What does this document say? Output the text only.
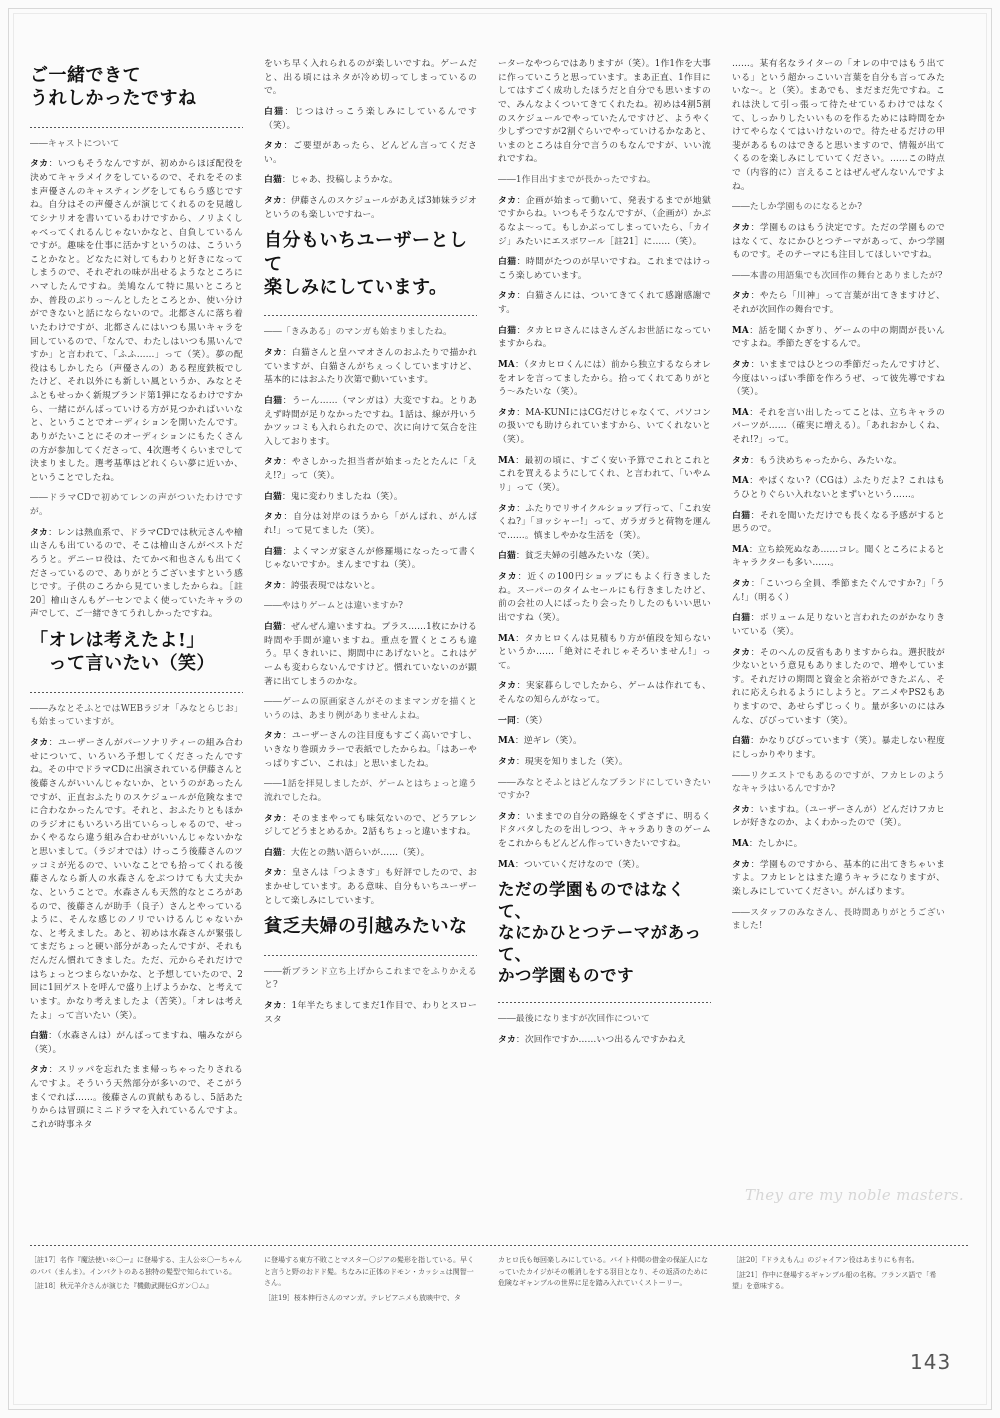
ご一緒できて
うれしかったですね

――キャストについて

タカ：いつもそうなんですが、初めからほぼ配役を決めてキャラメイクをしているので、それをそのまま声優さんのキャスティングをしてもらう感じですね。自分はその声優さんが演じてくれるのを見越してシナリオを書いているわけですから、ノリよくしゃべってくれるんじゃないかなと、自負しているんですが。趣味を仕事に活かすというのは、こういうことかなと。どなたに対してもわりと好きになってしまうので、それぞれの味が出せるようなところにハマしたんですね。美鳩なんて特に黒いところとか、普段のぶりっ～んとしたところとか、使い分けができないと話にならないので。北都さんに落ち着いたわけですが、北都さんにはいつも黒いキャラを回しているので、「なんで、わたしはいつも黒いんですか」と言われて、「ふふ……」って（笑）。夢の配役はもしかしたら（声優さんの）ある程度鉄板でしたけど、それ以外にも新しい風というか、みなとそふともせっかく新規ブランド第1弾になるわけですから、一緒にがんばっていける方が見つかればいいなと、ということでオーディションを開いたんです。ありがたいことにそのオーディションにもたくさんの方が参加してくださって、4次選考くらいまでして決まりました。選考基準はどれくらい夢に近いか、ということでしたね。

――ドラマCDで初めてレンの声がついたわけですが。

タカ：レンは熱血系で、ドラマCDでは秋元さんや檜山さんも出ているので、そこは檜山さんがベストだろうと。デニーロ役は、たてかべ和也さんも出てくださっているので、ありがとうございますという感じです。子供のころから見ていましたからね。［註20］檜山さんもゲーセンでよく使っていたキャラの声でして、ご一緒できてうれしかったですね。

「オレは考えたよ!」
　って言いたい（笑）

――みなとそふとではWEBラジオ「みなとらじお」も始まっていますが。

タカ：ユーザーさんがパーソナリティーの組み合わせについて、いろいろ予想してくださったんですね。その中でドラマCDに出演されている伊藤さんと後藤さんがいいんじゃないか、というのがあったんですが、正直おふたりのスケジュールが危険なまでに合わなかったんです。それと、おふたりともほかのラジオにもいろいろ出ていらっしゃるので、せっかくやるなら違う組み合わせがいいんじゃないかなと思いまして。（ラジオでは）けっこう後藤さんのツッコミが光るので、いいなことでも拾ってくれる後藤さんなら新人の水森さんをぶつけても大丈夫かな、ということで。水森さんも天然的なところがあるので、後藤さんが助手（良子）さんとやっているように、そんな感じのノリでいけるんじゃないかな、と考えました。あと、初めは水森さんが緊張してまだちょっと硬い部分があったんですが、それもだんだん慣れてきました。ただ、元からそれだけではちょっとつまらないかな、と予想していたので、2回に1回ゲストを呼んで盛り上げようかな、と考えています。かなり考えましたよ（苦笑）。「オレは考えたよ」って言いたい（笑）。

白猫：（水森さんは）がんばってますね、噛みながら（笑）。

タカ：スリッパを忘れたまま帰っちゃったりされるんですよ。そういう天然部分が多いので、そこがうまくでれば……。後藤さんの貢献もあるし、5話あたりからは冒頭にミニドラマを入れているんですよ。これが時事ネタ

をいち早く入れられるのが楽しいですね。ゲームだと、出る頃にはネタが冷め切ってしまっているので。

白猫：じつはけっこう楽しみにしているんです（笑）。

タカ：ご要望があったら、どんどん言ってください。

白猫：じゃあ、投稿しようかな。

タカ：伊藤さんのスケジュールがあえば3姉妹ラジオというのも楽しいですねー。

自分もいちユーザーとして
楽しみにしています。

――「きみある」のマンガも始まりましたね。

タカ：白猫さんと皇ハマオさんのおふたりで描かれていますが、白猫さんがちぇっくしていますけど、基本的にはおふたり次第で動いています。

白猫：うーん……（マンガは）大変ですね。とりあえず時間が足りなかったですね。1話は、線が丹いうかツッコミも入れられたので、次に向けて気合を注入しております。

タカ：やさしかった担当者が始まったとたんに「ええ!?」って（笑）。

白猫：鬼に変わりましたね（笑）。

タカ：自分は対岸のほうから「がんばれ、がんばれ!」って見てました（笑）。

白猫：よくマンガ家さんが修羅場になったって書くじゃないですか。まんまですね（笑）。

タカ：誇張表現ではないと。

――やはりゲームとは違いますか?

白猫：ぜんぜん違いますね。プラス……1枚にかける時間や手間が違いますね。重点を置くところも違う。早くきれいに、期間中にあげないと。これはゲームも変わらないんですけど。慣れていないのが顕著に出てしまうのかな。

――ゲームの原画家さんがそのままマンガを描くというのは、あまり例がありませんよね。

タカ：ユーザーさんの注目度もすごく高いですし、いきなり巻頭カラーで表紙でしたからね。「はあーやっぱりすごい、これは」と思いましたね。

――1話を拝見しましたが、ゲームとはちょっと違う流れでしたね。

タカ：そのままやっても味気ないので、どうアレンジしてどうまとめるか。2話もちょっと違いますね。

白猫：大佐との熱い語らいが……（笑）。

タカ：皇さんは「つよきす」も好評でしたので、おまかせしています。ある意味、自分もいちユーザーとして楽しみにしています。

貧乏夫婦の引越みたいな

――新ブランド立ち上げからこれまでをふりかえると?

タカ：1年半たちましてまだ1作目で、わりとスロースタ

ーターなやつらではありますが（笑）。1作1作を大事に作っていこうと思っています。まあ正直、1作目にしてはすごく成功したほうだと自分でも思いますので、みんなよくついてきてくれたね。初めは4割5割のスケジュールでやっていたんですけど、ようやく少しずつですが2割ぐらいでやっていけるかなあと、いまのところは自分で言うのもなんですが、いい流れですね。

――1作目出すまでが長かったですね。

タカ：企画が始まって動いて、発表するまでが地獄ですからね。いつもそうなんですが、（企画が）かぶるなよ～って。もしかぶってしまっていたら、「カイジ」みたいにエスポワール［註21］に……（笑）。

白猫：時間がたつのが早いですね。これまではけっこう楽しめています。

タカ：白猫さんには、ついてきてくれて感謝感謝です。

白猫：タカヒロさんにはさんざんお世話になっていますからね。

MA：（タカヒロくんには）前から独立するならオレをオレを言ってましたから。拾ってくれてありがとう～みたいな（笑）。

タカ：MA-KUNIにはCGだけじゃなくて、パソコンの扱いでも助けられていますから、いてくれないと（笑）。

MA：最初の頃に、すごく安い予算でこれとこれとこれを買えるようにしてくれ、と言われて、「いやムリ」って（笑）。

タカ：ふたりでリサイクルショップ行って、「これ安くね?」「ヨッシャー!」って、ガラガラと荷物を運んで……。慎ましやかな生活を（笑）。

白猫：貧乏夫婦の引越みたいな（笑）。

タカ：近くの100円ショップにもよく行きましたね。スーパーのタイムセールにも行きましたけど、前の会社の人にばったり会ったりしたのもいい思い出ですね（笑）。

MA：タカヒロくんは見積もり方が値段を知らないというか……「絶対にそれじゃそろいません!」って。

タカ：実家暮らしでしたから、ゲームは作れても、そんなの知らんがなって。

一同：（笑）

MA：逆ギレ（笑）。

タカ：現実を知りました（笑）。

――みなとそふとはどんなブランドにしていきたいですか?

タカ：いままでの自分の路線をくずさずに、明るくドタバタしたのを出しつつ、キャラありきのゲームをこれからもどんどん作っていきたいですね。

MA：ついていくだけなので（笑）。

ただの学園ものではなくて、
なにかひとつテーマがあって、
かつ学園ものです

――最後になりますが次回作について

タカ：次回作ですか……いつ出るんですかねえ

……。某有名なライターの「オレの中ではもう出ている」という超かっこいい言葉を自分も言ってみたいな～。と（笑）。まあでも、まだまだ先ですね。これは決して引っ張って待たせているわけではなくて、しっかりしたいいものを作るためには時間をかけてやらなくてはいけないので。待たせるだけの甲斐があるものはできると思いますので、情報が出てくるのを楽しみにしていてください。……この時点で（内容的に）言えることはぜんぜんないんですよね。

――たしか学園ものになるとか?

タカ：学園ものはもう決定です。ただの学園ものではなくて、なにかひとつテーマがあって、かつ学園ものです。そのテーマにも注目してほしいですね。

――本書の用語集でも次回作の舞台とありましたが?

タカ：やたら「川神」って言葉が出てきますけど、それが次回作の舞台です。

MA：話を聞くかぎり、ゲームの中の期間が長いんですよね。季節たぎをするんで。

タカ：いままではひとつの季節だったんですけど、今度はいっぱい季節を作ろうぜ、って彼先導ですね（笑）。

MA：それを言い出したってことは、立ちキャラのパーツが……（確実に増える）。「あれおかしくね、それ!?」って。

タカ：もう決めちゃったから、みたいな。

MA：やばくない?（CGは）ふたりだよ? これはもうひとりぐらい入れないとまずいという……。

白猫：それを聞いただけでも長くなる予感がすると思うので。

MA：立ち絵死ぬなあ……コレ。聞くところによるとキャラクターも多い……。

タカ：「こいつら全員、季節またぐんですか?」「うん!」（明るく）

白猫：ボリューム足りないと言われたのがかなりきいている（笑）。

タカ：そのへんの反省もありますからね。選択肢が少ないという意見もありましたので、増やしています。それだけの期間と資金と余裕ができたぶん、それに応えられるようにしようと。アニメやPS2もありますので、あせらずじっくり。量が多いのにはみんな、びびっています（笑）。

白猫：かなりびびっています（笑）。暴走しない程度にしっかりやります。

――リクエストでもあるのですが、フカヒレのようなキャラはいるんですか?

タカ：いますね。（ユーザーさんが）どんだけフカヒレが好きなのか、よくわかったので（笑）。

MA：たしかに。

タカ：学園ものですから、基本的に出てきちゃいますよ。フカヒレとはまた違うキャラになりますが、楽しみにしていてください。がんばります。

――スタッフのみなさん、長時間ありがとうございました!

［註17］名作『魔法使い※〇ー』に登場する、主人公※〇ーちゃんのパパ（まんま）。インパクトのある独特の髪型で知られている。

［註18］秋元羊介さんが演じた『機動武闘伝Gガン〇ム』

に登場する東方不敗ことマスター〇ジアの髪形を指している。早くと言うと野のおドド髪。ちなみに正体のドモン・カッシュは関智一さん。

［註19］桜本伸行さんのマンガ。テレビアニメも放映中で、タ

カヒロ氏も毎回楽しみにしている。バイト仲間の借金の保証人になっていたカイジがその帳消しをする羽目となり、その返済のために危険なギャンブルの世界に足を踏み入れていくストーリー。

［註20］『ドラえもん』のジャイアン役はあまりにも有名。

［註21］作中に登場するギャンブル船の名称。フランス語で「希望」を意味する。

They are my noble masters.
143
